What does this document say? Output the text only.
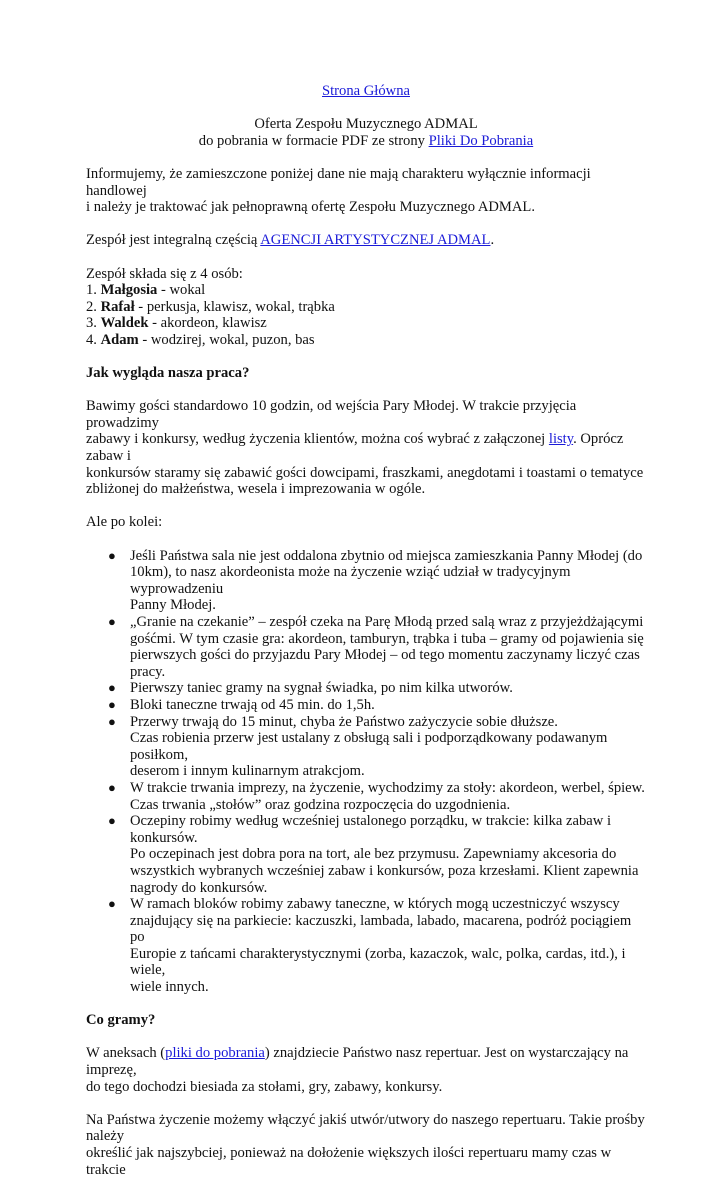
Strona Główna

Oferta Zespołu Muzycznego ADMAL

do pobrania w formacie PDF ze strony Pliki Do Pobrania

Informujemy, że zamieszczone poniżej dane nie mają charakteru wyłącznie informacji handlowej
i należy je traktować jak pełnoprawną ofertę Zespołu Muzycznego ADMAL.

Zespół jest integralną częścią AGENCJI ARTYSTYCZNEJ ADMAL.

Zespół składa się z 4 osób:

1. Małgosia - wokal

2. Rafał - perkusja, klawisz, wokal, trąbka

3. Waldek - akordeon, klawisz

4. Adam - wodzirej, wokal, puzon, bas

Jak wygląda nasza praca?

Bawimy gości standardowo 10 godzin, od wejścia Pary Młodej. W trakcie przyjęcia prowadzimy
zabawy i konkursy, według życzenia klientów, można coś wybrać z załączonej listy. Oprócz zabaw i
konkursów staramy się zabawić gości dowcipami, fraszkami, anegdotami i toastami o tematyce
zbliżonej do małżeństwa, wesela i imprezowania w ogóle.

Ale po kolei:

● Jeśli Państwa sala nie jest oddalona zbytnio od miejsca zamieszkania Panny Młodej (do
10km), to nasz akordeonista może na życzenie wziąć udział w tradycyjnym wyprowadzeniu
Panny Młodej.
● „Granie na czekanie” – zespół czeka na Parę Młodą przed salą wraz z przyjeżdżającymi
gośćmi. W tym czasie gra: akordeon, tamburyn, trąbka i tuba – gramy od pojawienia się
pierwszych gości do przyjazdu Pary Młodej – od tego momentu zaczynamy liczyć czas pracy.
● Pierwszy taniec gramy na sygnał świadka, po nim kilka utworów.
● Bloki taneczne trwają od 45 min. do 1,5h.
● Przerwy trwają do 15 minut, chyba że Państwo zażyczycie sobie dłuższe.
Czas robienia przerw jest ustalany z obsługą sali i podporządkowany podawanym posiłkom,
deserom i innym kulinarnym atrakcjom.
● W trakcie trwania imprezy, na życzenie, wychodzimy za stoły: akordeon, werbel, śpiew.
Czas trwania „stołów” oraz godzina rozpoczęcia do uzgodnienia.
● Oczepiny robimy według wcześniej ustalonego porządku, w trakcie: kilka zabaw i konkursów.
Po oczepinach jest dobra pora na tort, ale bez przymusu. Zapewniamy akcesoria do
wszystkich wybranych wcześniej zabaw i konkursów, poza krzesłami. Klient zapewnia
nagrody do konkursów.
● W ramach bloków robimy zabawy taneczne, w których mogą uczestniczyć wszyscy
znajdujący się na parkiecie: kaczuszki, lambada, labado, macarena, podróż pociągiem po
Europie z tańcami charakterystycznymi (zorba, kazaczok, walc, polka, cardas, itd.), i wiele,
wiele innych.

Co gramy?

W aneksach (pliki do pobrania) znajdziecie Państwo nasz repertuar. Jest on wystarczający na imprezę,
do tego dochodzi biesiada za stołami, gry, zabawy, konkursy.

Na Państwa życzenie możemy włączyć jakiś utwór/utwory do naszego repertuaru. Takie prośby należy
określić jak najszybciej, ponieważ na dołożenie większych ilości repertuaru mamy czas w trakcie
